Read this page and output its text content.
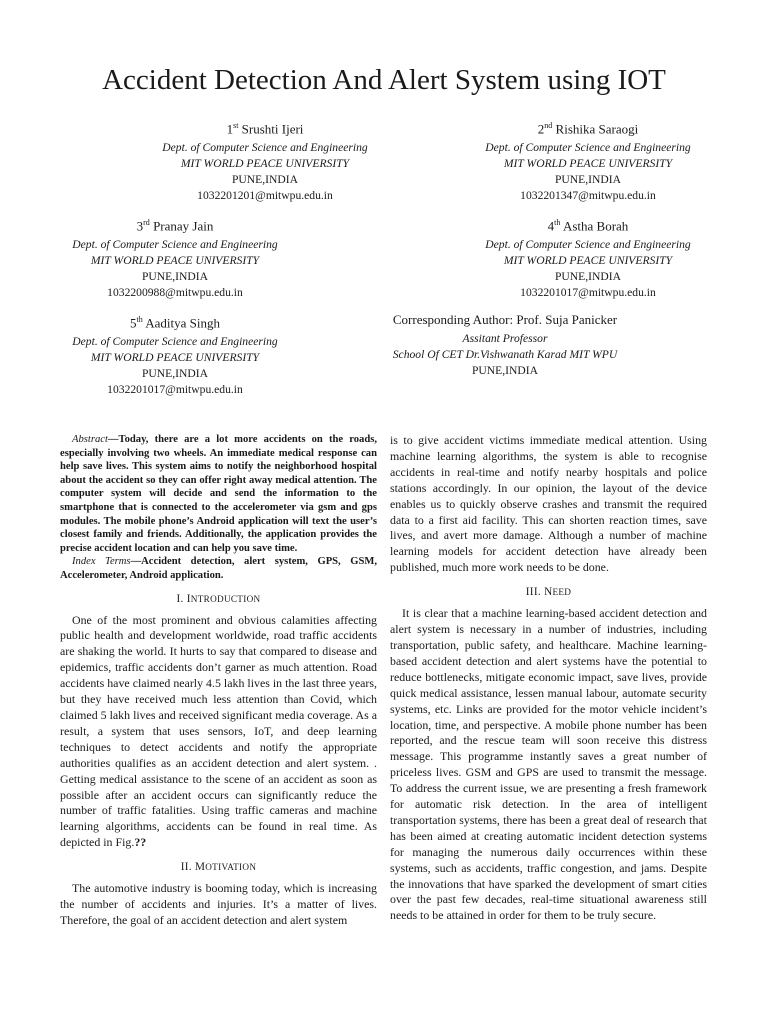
Accident Detection And Alert System using IOT
1st Srushti Ijeri
Dept. of Computer Science and Engineering
MIT WORLD PEACE UNIVERSITY
PUNE,INDIA
1032201201@mitwpu.edu.in
2nd Rishika Saraogi
Dept. of Computer Science and Engineering
MIT WORLD PEACE UNIVERSITY
PUNE,INDIA
1032201347@mitwpu.edu.in
3rd Pranay Jain
Dept. of Computer Science and Engineering
MIT WORLD PEACE UNIVERSITY
PUNE,INDIA
1032200988@mitwpu.edu.in
4th Astha Borah
Dept. of Computer Science and Engineering
MIT WORLD PEACE UNIVERSITY
PUNE,INDIA
1032201017@mitwpu.edu.in
5th Aaditya Singh
Dept. of Computer Science and Engineering
MIT WORLD PEACE UNIVERSITY
PUNE,INDIA
1032201017@mitwpu.edu.in
Corresponding Author: Prof. Suja Panicker
Assitant Professor
School Of CET Dr.Vishwanath Karad MIT WPU
PUNE,INDIA

Abstract—Today, there are a lot more accidents on the roads, especially involving two wheels. An immediate medical response can help save lives. This system aims to notify the neighborhood hospital about the accident so they can offer right away medical attention. The computer system will decide and send the information to the smartphone that is connected to the accelerometer via gsm and gps modules. The mobile phone’s Android application will text the user’s closest family and friends. Additionally, the application provides the precise accident location and can help you save time.

Index Terms—Accident detection, alert system, GPS, GSM, Accelerometer, Android application.

I. INTRODUCTION

One of the most prominent and obvious calamities affecting public health and development worldwide, road traffic accidents are shaking the world. It hurts to say that compared to disease and epidemics, traffic accidents don’t garner as much attention. Road accidents have claimed nearly 4.5 lakh lives in the last three years, but they have received much less attention than Covid, which claimed 5 lakh lives and received significant media coverage. As a result, a system that uses sensors, IoT, and deep learning techniques to detect accidents and notify the appropriate authorities qualifies as an accident detection and alert system. . Getting medical assistance to the scene of an accident as soon as possible after an accident occurs can significantly reduce the number of traffic fatalities. Using traffic cameras and machine learning algorithms, accidents can be found in real time. As depicted in Fig.??

II. MOTIVATION

The automotive industry is booming today, which is increasing the number of accidents and injuries. It’s a matter of lives. Therefore, the goal of an accident detection and alert system

is to give accident victims immediate medical attention. Using machine learning algorithms, the system is able to recognise accidents in real-time and notify nearby hospitals and police stations accordingly. In our opinion, the layout of the device enables us to quickly observe crashes and transmit the required data to a first aid facility. This can shorten reaction times, save lives, and avert more damage. Although a number of machine learning models for accident detection have already been published, much more work needs to be done.

III. NEED

It is clear that a machine learning-based accident detection and alert system is necessary in a number of industries, including transportation, public safety, and healthcare. Machine learning-based accident detection and alert systems have the potential to reduce bottlenecks, mitigate economic impact, save lives, provide quick medical assistance, lessen manual labour, automate security systems, etc. Links are provided for the motor vehicle incident’s location, time, and perspective. A mobile phone number has been reported, and the rescue team will soon receive this distress message. This programme instantly saves a great number of priceless lives. GSM and GPS are used to transmit the message. To address the current issue, we are presenting a fresh framework for automatic risk detection. In the area of intelligent transportation systems, there has been a great deal of research that has been aimed at creating automatic incident detection systems for managing the numerous daily occurrences within these systems, such as accidents, traffic congestion, and jams. Despite the innovations that have sparked the development of smart cities over the past few decades, real-time situational awareness still needs to be attained in order for them to be truly secure.
